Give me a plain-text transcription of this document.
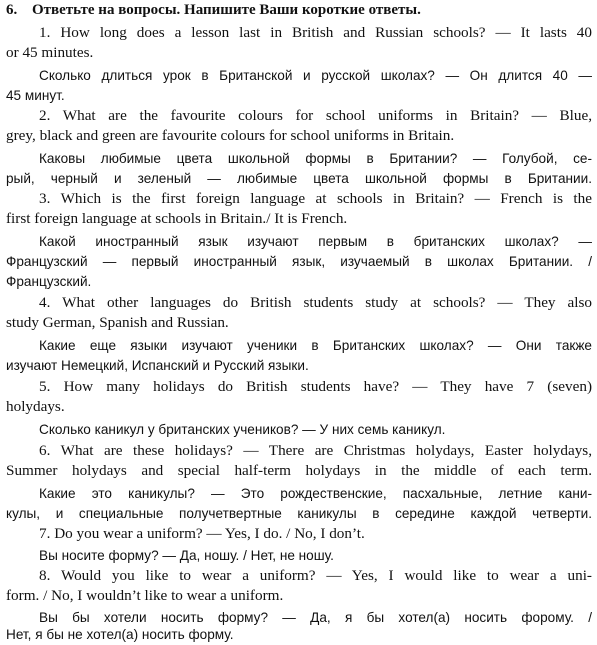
6. Ответьте на вопросы. Напишите Ваши короткие ответы.
1. How long does a lesson last in British and Russian schools? — It lasts 40
or 45 minutes.
Сколько длиться урок в Британской и русской школах? — Он длится 40 —
45 минут.
2. What are the favourite colours for school uniforms in Britain? — Blue,
grey, black and green are favourite colours for school uniforms in Britain.
Каковы любимые цвета школьной формы в Британии? — Голубой, се-
рый, черный и зеленый — любимые цвета школьной формы в Британии.
3. Which is the first foreign language at schools in Britain? — French is the
first foreign language at schools in Britain./ It is French.
Какой иностранный язык изучают первым в британских школах? —
Французский — первый иностранный язык, изучаемый в школах Британии. /
Французский.
4. What other languages do British students study at schools? — They also
study German, Spanish and Russian.
Какие еще языки изучают ученики в Британских школах? — Они также
изучают Немецкий, Испанский и Русский языки.
5. How many holidays do British students have? — They have 7 (seven)
holydays.
Сколько каникул у британских учеников? — У них семь каникул.
6. What are these holidays? — There are Christmas holydays, Easter holydays,
Summer holydays and special half-term holydays in the middle of each term.
Какие это каникулы? — Это рождественские, пасхальные, летние кани-
кулы, и специальные получетвертные каникулы в середине каждой четверти.
7. Do you wear a uniform? — Yes, I do. / No, I don’t.
Вы носите форму? — Да, ношу. / Нет, не ношу.
8. Would you like to wear a uniform? — Yes, I would like to wear a uni-
form. / No, I wouldn’t like to wear a uniform.
Вы бы хотели носить форму? — Да, я бы хотел(а) носить форому. /
Нет, я бы не хотел(а) носить форму.
